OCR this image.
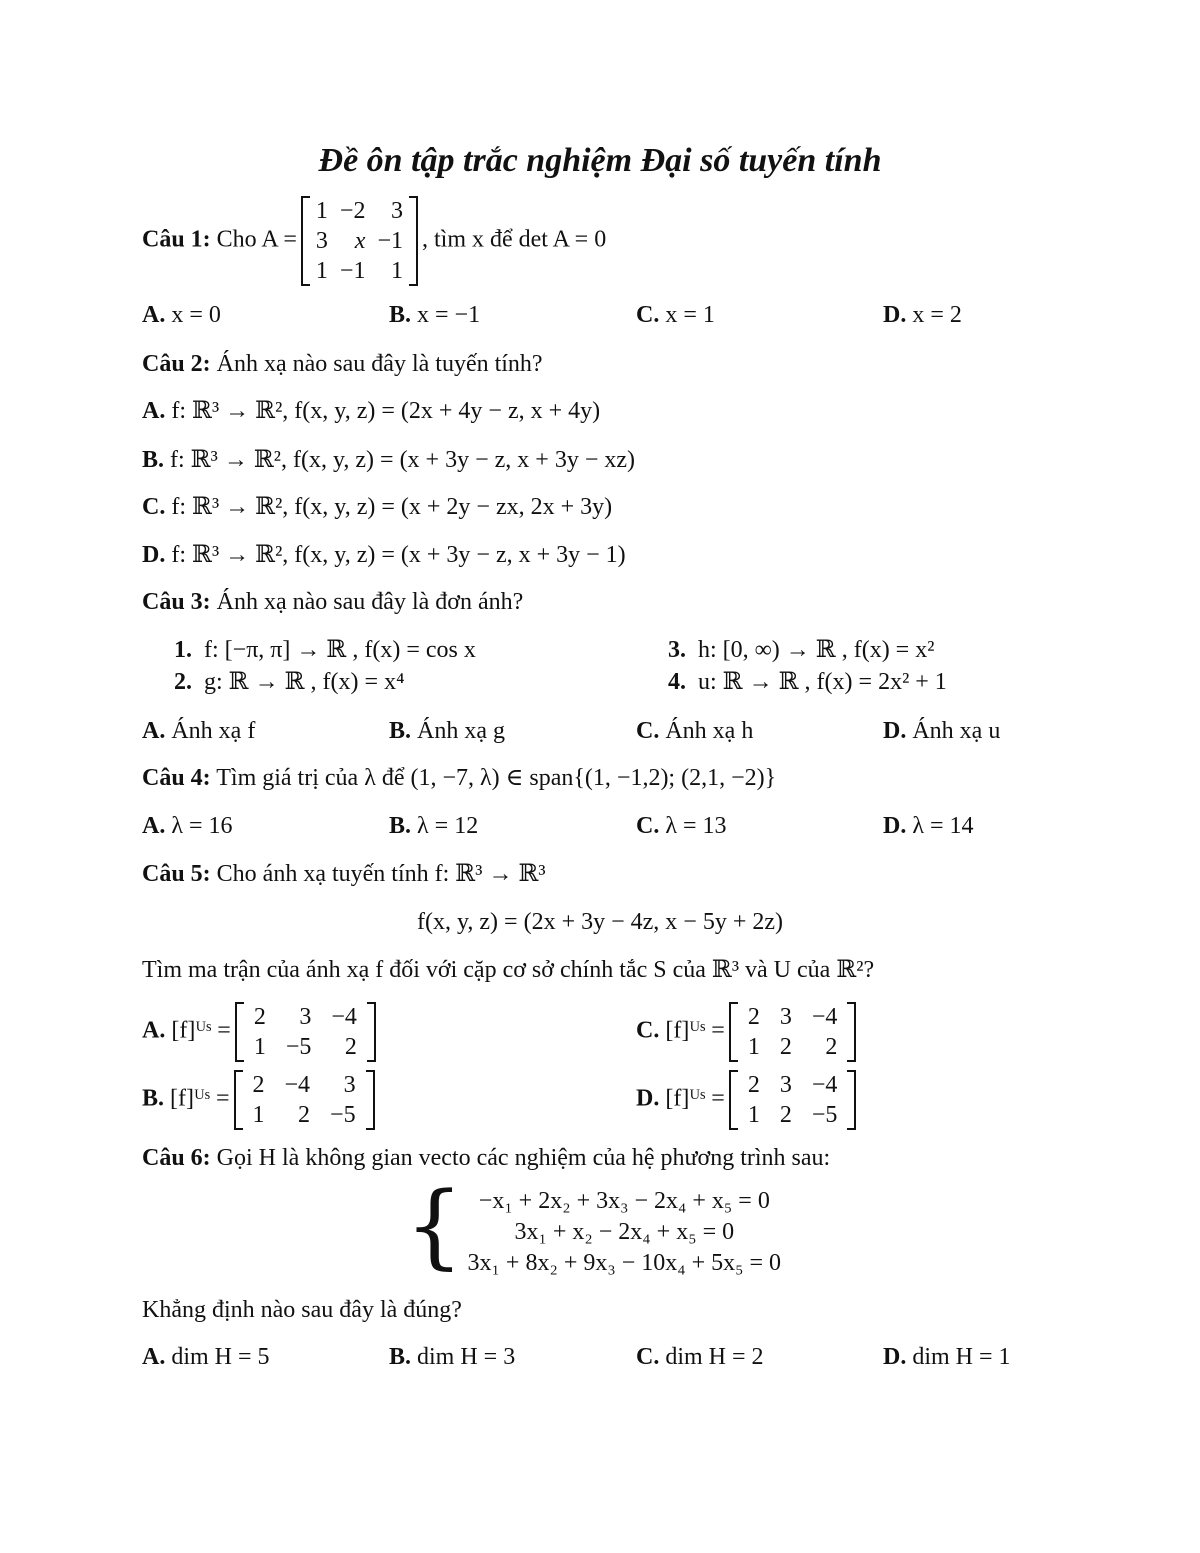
Đề ôn tập trắc nghiệm Đại số tuyến tính
Câu 1: Cho A =
1	−2	3
3	x	−1
1	−1	1
, tìm x để det A = 0
A. x = 0	B. x = −1	C. x = 1	D. x = 2
Câu 2: Ánh xạ nào sau đây là tuyến tính?
A. f: ℝ³ → ℝ², f(x, y, z) = (2x + 4y − z, x + 4y)
B. f: ℝ³ → ℝ², f(x, y, z) = (x + 3y − z, x + 3y − xz)
C. f: ℝ³ → ℝ², f(x, y, z) = (x + 2y − zx, 2x + 3y)
D. f: ℝ³ → ℝ², f(x, y, z) = (x + 3y − z, x + 3y − 1)
Câu 3: Ánh xạ nào sau đây là đơn ánh?
1. f: [−π, π] → ℝ , f(x) = cos x
2. g: ℝ → ℝ , f(x) = x⁴
3. h: [0, ∞) → ℝ , f(x) = x²
4. u: ℝ → ℝ , f(x) = 2x² + 1
A. Ánh xạ f	B. Ánh xạ g	C. Ánh xạ h	D. Ánh xạ u
Câu 4: Tìm giá trị của λ để (1, −7, λ) ∈ span{(1, −1,2); (2,1, −2)}
A. λ = 16	B. λ = 12	C. λ = 13	D. λ = 14
Câu 5: Cho ánh xạ tuyến tính f: ℝ³ → ℝ³
f(x, y, z) = (2x + 3y − 4z, x − 5y + 2z)
Tìm ma trận của ánh xạ f đối với cặp cơ sở chính tắc S của ℝ³ và U của ℝ²?
A. [f]ᵁˢ =
2	3	−4
1	−5	2
C. [f]ᵁˢ =
2	3	−4
1	2	2
B. [f]ᵁˢ =
2	−4	3
1	2	−5
D. [f]ᵁˢ =
2	3	−4
1	2	−5
Câu 6: Gọi H là không gian vecto các nghiệm của hệ phương trình sau:
{ −x₁ + 2x₂ + 3x₃ − 2x₄ + x₅ = 0
3x₁ + x₂ − 2x₄ + x₅ = 0
3x₁ + 8x₂ + 9x₃ − 10x₄ + 5x₅ = 0
Khẳng định nào sau đây là đúng?
A. dim H = 5	B. dim H = 3	C. dim H = 2	D. dim H = 1
